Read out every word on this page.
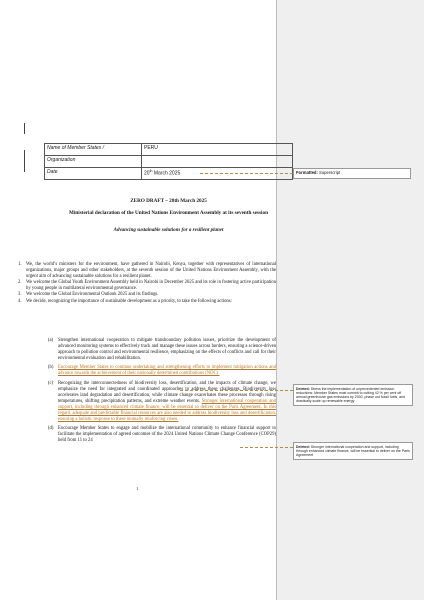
Name of Member States /	PERU
Organization	
Date	20th March 2025	Formatted: Superscript
ZERO DRAFT – 28th March 2025
Ministerial declaration of the United Nations Environment Assembly at its seventh session
Advancing sustainable solutions for a resilient planet
1. We, the world’s ministers for the environment, have gathered in Nairobi, Kenya, together with representatives of international organizations, major groups and other stakeholders, at the seventh session of the United Nations Environment Assembly, with the urgent aim of advancing sustainable solutions for a resilient planet.
2. We welcome the Global Youth Environment Assembly held in Nairobi in December 2025 and its role in fostering active participation by young people in multilateral environmental governance.
3. We welcome the Global Environmental Outlook 2025 and its findings.
4. We decide, recognizing the importance of sustainable development as a priority, to take the following actions:
(a)	Strengthen international cooperation to mitigate transboundary pollution issues, prioritize the development of advanced monitoring systems to effectively track and manage these issues across borders, ensuring a science-driven approach to pollution control and environmental resilience, emphasizing on the effects of conflicts and call for their environmental evaluation and rehabilitation.
(b) Encourage Member States to continue undertaking and strengthening efforts to implement mitigation actions and advance towards the achievement of their nationally determined contributions (NDC).
(c)	Recognizing the interconnectedness of biodiversity loss, desertification, and the impacts of climate change, we emphasize the need for integrated and coordinated approaches to address these challenges. Biodiversity loss accelerates land degradation and desertification, while climate change exacerbates these processes through rising temperatures, shifting precipitation patterns, and extreme weather events. Stronger international cooperation and support, including through enhanced climate finance, will be essential to deliver on the Paris Agreement. In this regard, adequate and predictable financial resources are also needed to address biodiversity loss and desertification, ensuring a holistic response to these mutually reinforcing crises.
(d) Encourage Member States to engage and mobilize the international community to enhance financial support to facilitate the implementation of agreed outcomes of the 2024 United Nations Climate Change Conference (COP29) held from 11 to 24
Deleted: Stress the implementation of unprecedented emission reductions: Member States must commit to cutting 42 % per cent off annual greenhouse gas emissions by 2030, phase out fossil fuels, and drastically scale up renewable energy
Deleted: Stronger international cooperation and support, including through enhanced climate finance, will be essential to deliver on the Paris Agreement
1
